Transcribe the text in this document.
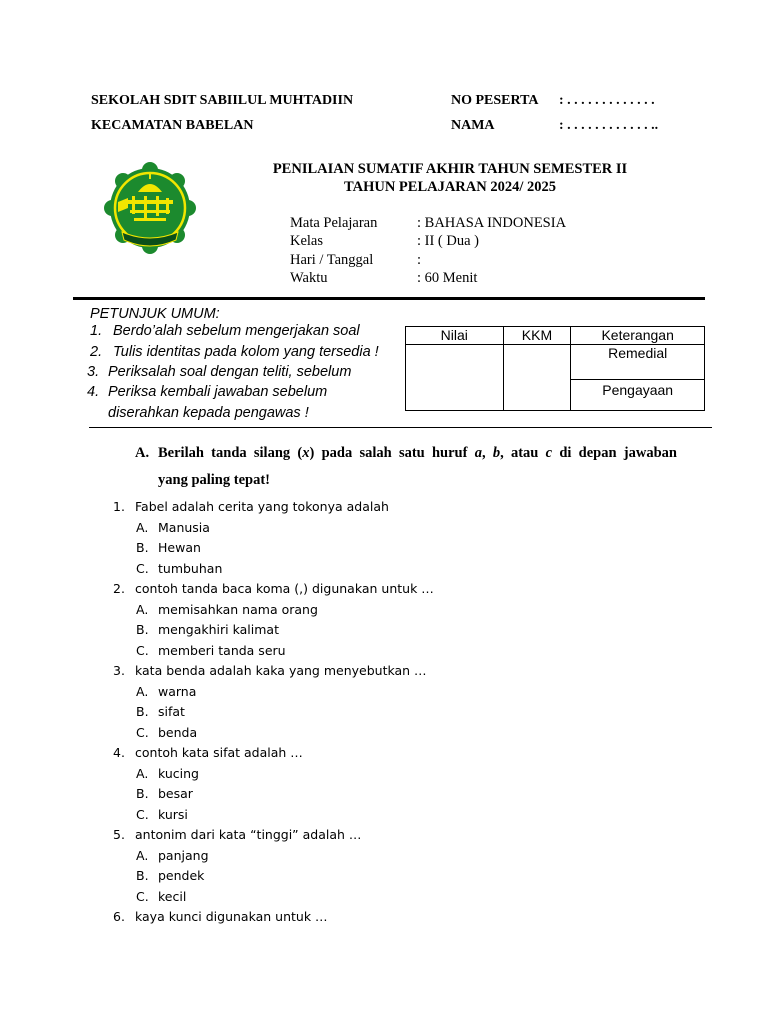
SEKOLAH SDIT SABIILUL MUHTADIIN
KECAMATAN BABELAN
NO PESERTA : . . . . . . . . . . . . .
NAMA	: . . . . . . . . . . . . ..
PENILAIAN SUMATIF AKHIR TAHUN SEMESTER II
TAHUN PELAJARAN 2024/ 2025
Mata Pelajaran	: BAHASA INDONESIA
Kelas	: II ( Dua )
Hari / Tanggal	:
Waktu	: 60 Menit
PETUNJUK UMUM:
1. Berdo’alah sebelum mengerjakan soal
2. Tulis identitas pada kolom yang tersedia !
3. Periksalah soal dengan teliti, sebelum
4. Periksa kembali jawaban sebelum
diserahkan kepada pengawas !
Nilai	KKM	Keterangan
		Remedial
		Pengayaan
A. Berilah tanda silang (x) pada salah satu huruf a, b, atau c di depan jawaban
yang paling tepat!
1. Fabel adalah cerita yang tokonya adalah
A. Manusia
B. Hewan
C. tumbuhan
2. contoh tanda baca koma (,) digunakan untuk …
A. memisahkan nama orang
B. mengakhiri kalimat
C. memberi tanda seru
3. kata benda adalah kaka yang menyebutkan …
A. warna
B. sifat
C. benda
4. contoh kata sifat adalah …
A. kucing
B. besar
C. kursi
5. antonim dari kata “tinggi” adalah …
A. panjang
B. pendek
C. kecil
6. kaya kunci digunakan untuk …
